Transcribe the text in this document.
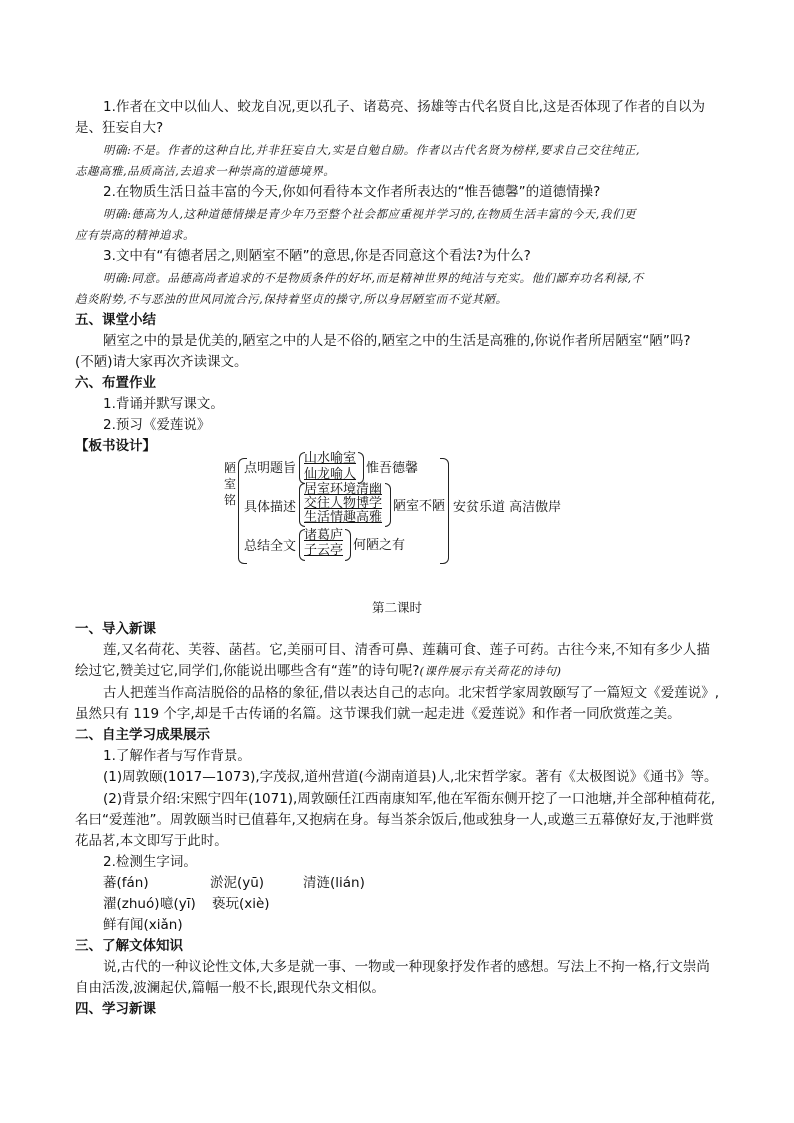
1.作者在文中以仙人、蛟龙自况,更以孔子、诸葛亮、扬雄等古代名贤自比,这是否体现了作者的自以为
是、狂妄自大?
明确:不是。作者的这种自比,并非狂妄自大,实是自勉自励。作者以古代名贤为榜样,要求自己交往纯正,
志趣高雅,品质高洁,去追求一种崇高的道德境界。
2.在物质生活日益丰富的今天,你如何看待本文作者所表达的“惟吾德馨”的道德情操?
明确:德高为人,这种道德情操是青少年乃至整个社会都应重视并学习的,在物质生活丰富的今天,我们更
应有崇高的精神追求。
3.文中有“有德者居之,则陋室不陋”的意思,你是否同意这个看法?为什么?
明确:同意。品德高尚者追求的不是物质条件的好坏,而是精神世界的纯洁与充实。他们鄙弃功名利禄,不
趋炎附势,不与恶浊的世风同流合污,保持着坚贞的操守,所以身居陋室而不觉其陋。
五、课堂小结
陋室之中的景是优美的,陋室之中的人是不俗的,陋室之中的生活是高雅的,你说作者所居陋室“陋”吗?
(不陋)请大家再次齐读课文。
六、布置作业
1.背诵并默写课文。
2.预习《爱莲说》
【板书设计】
陋室铭
点明题旨
山水喻室
仙龙喻人 惟吾德馨
具体描述
居室环境清幽
交往人物博学
生活情趣高雅
陋室不陋
总结全文
诸葛庐
子云亭 何陋之有
安贫乐道 高洁傲岸
第二课时
一、导入新课
莲,又名荷花、芙蓉、菡萏。它,美丽可目、清香可鼻、莲藕可食、莲子可药。古往今来,不知有多少人描
绘过它,赞美过它,同学们,你能说出哪些含有“莲”的诗句呢?(课件展示有关荷花的诗句)
古人把莲当作高洁脱俗的品格的象征,借以表达自己的志向。北宋哲学家周敦颐写了一篇短文《爱莲说》,
虽然只有 119 个字,却是千古传诵的名篇。这节课我们就一起走进《爱莲说》和作者一同欣赏莲之美。
二、自主学习成果展示
1.了解作者与写作背景。
(1)周敦颐(1017—1073),字茂叔,道州营道(今湖南道县)人,北宋哲学家。著有《太极图说》《通书》等。
(2)背景介绍:宋熙宁四年(1071),周敦颐任江西南康知军,他在军衙东侧开挖了一口池塘,并全部种植荷花,
名曰“爱莲池”。周敦颐当时已值暮年,又抱病在身。每当茶余饭后,他或独身一人,或邀三五幕僚好友,于池畔赏
花品茗,本文即写于此时。
2.检测生字词。
蕃(fán)	淤泥(yū)	清涟(lián)
濯(zhuó) 噫(yī) 亵玩(xiè)
鲜有闻(xiǎn)
三、了解文体知识
说,古代的一种议论性文体,大多是就一事、一物或一种现象抒发作者的感想。写法上不拘一格,行文崇尚
自由活泼,波澜起伏,篇幅一般不长,跟现代杂文相似。
四、学习新课
